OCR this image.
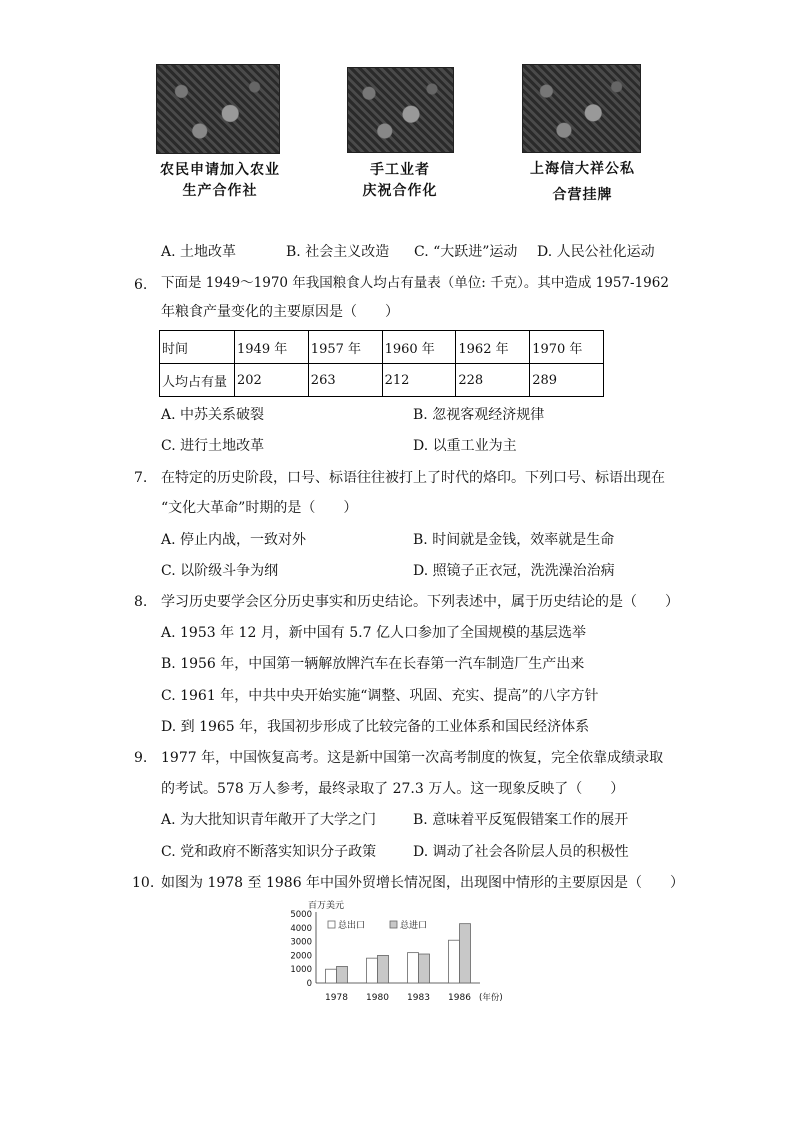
农民申请加入农业
生产合作社
手工业者
庆祝合作化
上海信大祥公私
合营挂牌
A. 土地改革	B. 社会主义改造 C. “大跃进”运动 D. 人民公社化运动
6. 下面是 1949～1970 年我国粮食人均占有量表（单位: 千克）。其中造成 1957-1962
年粮食产量变化的主要原因是（　　）
时间	1949 年	1957 年	1960 年	1962 年	1970 年
人均占有量	202	263	212	228	289
A. 中苏关系破裂	B. 忽视客观经济规律
C. 进行土地改革	D. 以重工业为主
7. 在特定的历史阶段，口号、标语往往被打上了时代的烙印。下列口号、标语出现在
“文化大革命”时期的是（　　）
A. 停止内战，一致对外	B. 时间就是金钱，效率就是生命
C. 以阶级斗争为纲	D. 照镜子正衣冠，洗洗澡治治病
8. 学习历史要学会区分历史事实和历史结论。下列表述中，属于历史结论的是（　　）
A. 1953 年 12 月，新中国有 5.7 亿人口参加了全国规模的基层选举
B. 1956 年，中国第一辆解放牌汽车在长春第一汽车制造厂生产出来
C. 1961 年，中共中央开始实施“调整、巩固、充实、提高”的八字方针
D. 到 1965 年，我国初步形成了比较完备的工业体系和国民经济体系
9. 1977 年，中国恢复高考。这是新中国第一次高考制度的恢复，完全依靠成绩录取
的考试。578 万人参考，最终录取了 27.3 万人。这一现象反映了（　　）
A. 为大批知识青年敞开了大学之门	B. 意味着平反冤假错案工作的展开
C. 党和政府不断落实知识分子政策	D. 调动了社会各阶层人员的积极性
10. 如图为 1978 至 1986 年中国外贸增长情况图，出现图中情形的主要原因是（　　）
百万美元
5000
4000
3000
2000
1000
0
1978 1980 1983 1986 (年份)
总出口	总进口
